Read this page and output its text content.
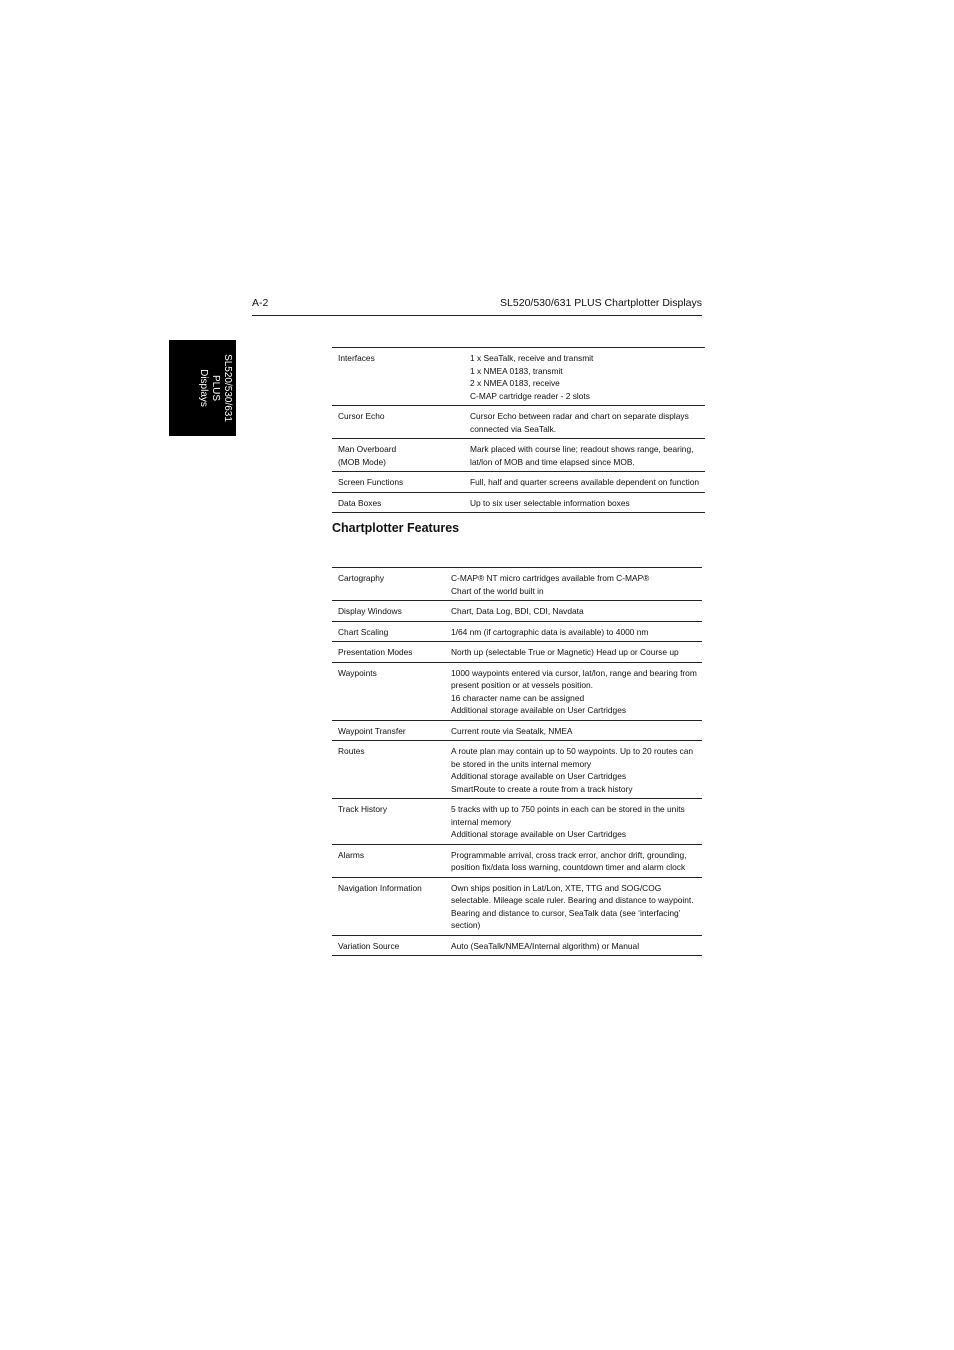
A-2	SL520/530/631 PLUS Chartplotter Displays
SL520/530/631 PLUS
Displays
Interfaces	1 x SeaTalk, receive and transmit
1 x NMEA 0183, transmit
2 x NMEA 0183, receive
C-MAP cartridge reader - 2 slots
Cursor Echo	Cursor Echo between radar and chart on separate displays connected via SeaTalk.
Man Overboard
(MOB Mode)	Mark placed with course line; readout shows range, bearing, lat/lon of MOB and time elapsed since MOB.
Screen Functions	Full, half and quarter screens available dependent on function
Data Boxes	Up to six user selectable information boxes
Chartplotter Features
Cartography	C-MAP® NT micro cartridges available from C-MAP®
Chart of the world built in
Display Windows	Chart, Data Log, BDI, CDI, Navdata
Chart Scaling	1/64 nm (if cartographic data is available) to 4000 nm
Presentation Modes	North up (selectable True or Magnetic) Head up or Course up
Waypoints	1000 waypoints entered via cursor, lat/lon, range and bearing from present position or at vessels position.
16 character name can be assigned
Additional storage available on User Cartridges
Waypoint Transfer	Current route via Seatalk, NMEA
Routes	A route plan may contain up to 50 waypoints. Up to 20 routes can be stored in the units internal memory
Additional storage available on User Cartridges
SmartRoute to create a route from a track history
Track History	5 tracks with up to 750 points in each can be stored in the units internal memory
Additional storage available on User Cartridges
Alarms	Programmable arrival, cross track error, anchor drift, grounding, position fix/data loss warning, countdown timer and alarm clock
Navigation Information	Own ships position in Lat/Lon, XTE, TTG and SOG/COG selectable. Mileage scale ruler. Bearing and distance to waypoint. Bearing and distance to cursor, SeaTalk data (see ‘interfacing’ section)
Variation Source	Auto (SeaTalk/NMEA/Internal algorithm) or Manual
